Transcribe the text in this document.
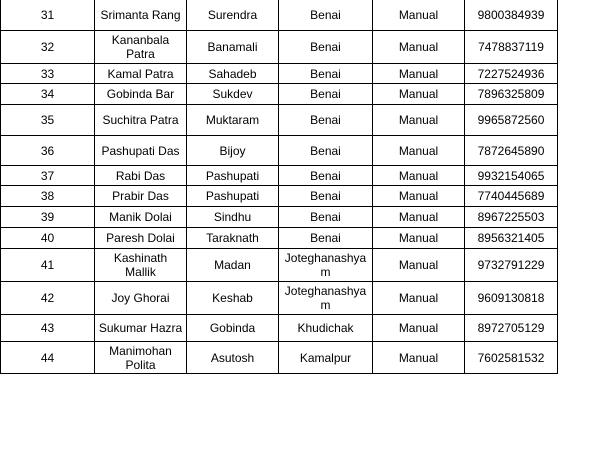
31	Srimanta Rang	Surendra	Benai	Manual	9800384939
32	Kananbala Patra	Banamali	Benai	Manual	7478837119
33	Kamal Patra	Sahadeb	Benai	Manual	7227524936
34	Gobinda Bar	Sukdev	Benai	Manual	7896325809
35	Suchitra Patra	Muktaram	Benai	Manual	9965872560
36	Pashupati Das	Bijoy	Benai	Manual	7872645890
37	Rabi Das	Pashupati	Benai	Manual	9932154065
38	Prabir Das	Pashupati	Benai	Manual	7740445689
39	Manik Dolai	Sindhu	Benai	Manual	8967225503
40	Paresh Dolai	Taraknath	Benai	Manual	8956321405
41	Kashinath Mallik	Madan	Joteghanashyam	Manual	9732791229
42	Joy Ghorai	Keshab	Joteghanashyam	Manual	9609130818
43	Sukumar Hazra	Gobinda	Khudichak	Manual	8972705129
44	Manimohan Polita	Asutosh	Kamalpur	Manual	7602581532
